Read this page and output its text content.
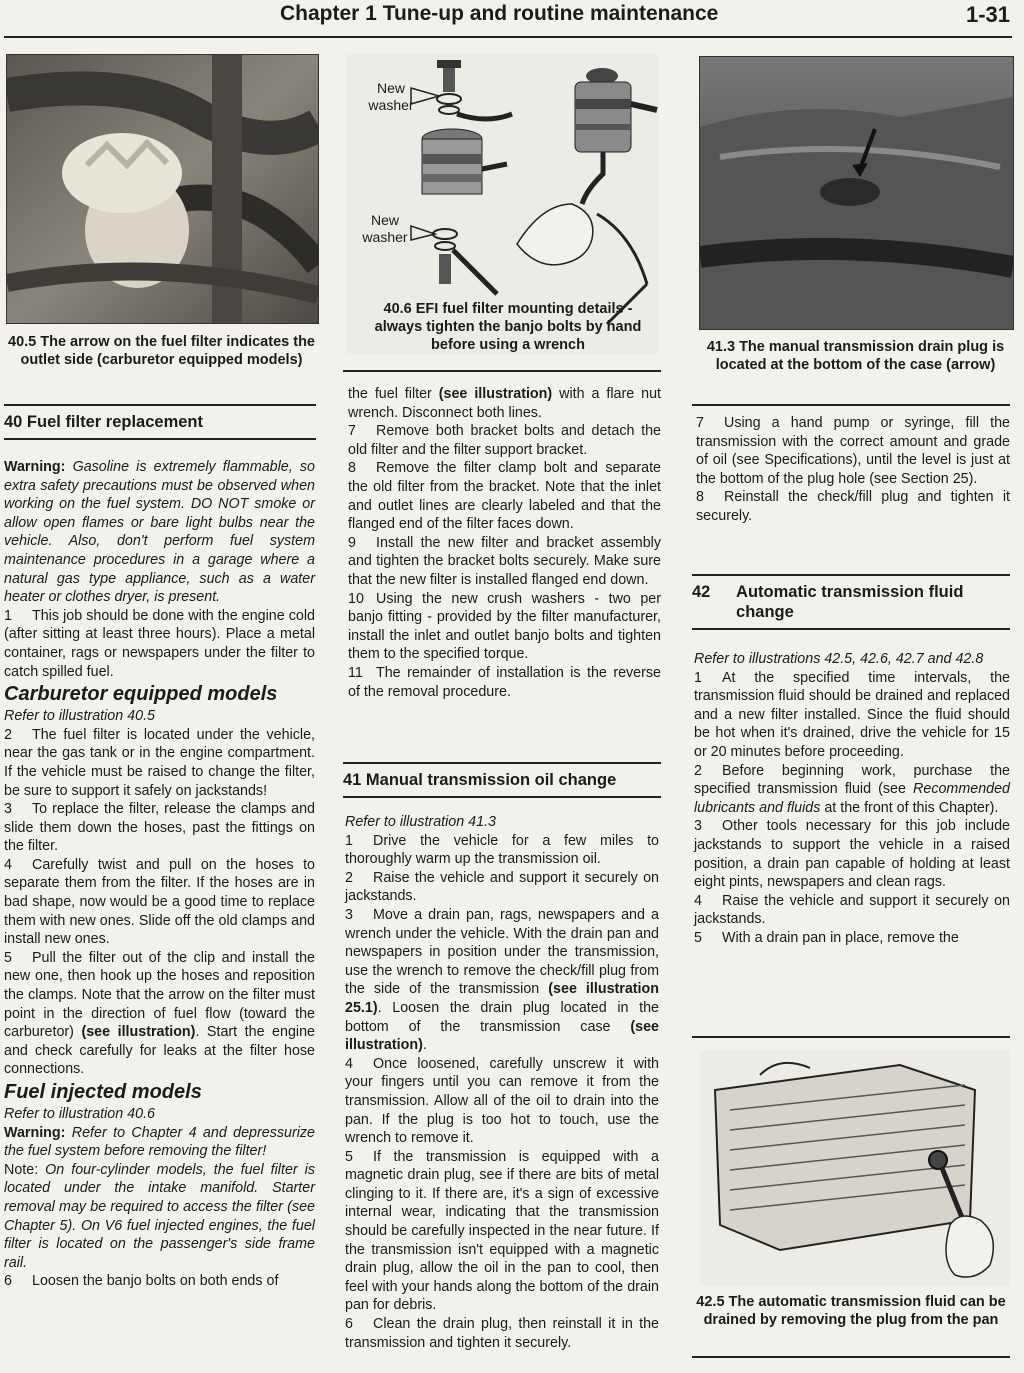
Chapter 1 Tune-up and routine maintenance	1-31
40.5 The arrow on the fuel filter indicates the outlet side (carburetor equipped models)
40 Fuel filter replacement

Warning: Gasoline is extremely flammable, so extra safety precautions must be observed when working on the fuel system. DO NOT smoke or allow open flames or bare light bulbs near the vehicle. Also, don't perform fuel system maintenance procedures in a garage where a natural gas type appliance, such as a water heater or clothes dryer, is present.

1 This job should be done with the engine cold (after sitting at least three hours). Place a metal container, rags or newspapers under the filter to catch spilled fuel.

Carburetor equipped models

Refer to illustration 40.5

2 The fuel filter is located under the vehicle, near the gas tank or in the engine compartment. If the vehicle must be raised to change the filter, be sure to support it safely on jackstands!

3 To replace the filter, release the clamps and slide them down the hoses, past the fittings on the filter.

4 Carefully twist and pull on the hoses to separate them from the filter. If the hoses are in bad shape, now would be a good time to replace them with new ones. Slide off the old clamps and install new ones.

5 Pull the filter out of the clip and install the new one, then hook up the hoses and reposition the clamps. Note that the arrow on the filter must point in the direction of fuel flow (toward the carburetor) (see illustration). Start the engine and check carefully for leaks at the filter hose connections.

Fuel injected models

Refer to illustration 40.6

Warning: Refer to Chapter 4 and depressurize the fuel system before removing the filter!

Note: On four-cylinder models, the fuel filter is located under the intake manifold. Starter removal may be required to access the filter (see Chapter 5). On V6 fuel injected engines, the fuel filter is located on the passenger's side frame rail.

6 Loosen the banjo bolts on both ends of

New washer
New washer
40.6 EFI fuel filter mounting details - always tighten the banjo bolts by hand before using a wrench

the fuel filter (see illustration) with a flare nut wrench. Disconnect both lines.

7 Remove both bracket bolts and detach the old filter and the filter support bracket.

8 Remove the filter clamp bolt and separate the old filter from the bracket. Note that the inlet and outlet lines are clearly labeled and that the flanged end of the filter faces down.

9 Install the new filter and bracket assembly and tighten the bracket bolts securely. Make sure that the new filter is installed flanged end down.

10 Using the new crush washers - two per banjo fitting - provided by the filter manufacturer, install the inlet and outlet banjo bolts and tighten them to the specified torque.

11 The remainder of installation is the reverse of the removal procedure.

41 Manual transmission oil change

Refer to illustration 41.3

1 Drive the vehicle for a few miles to thoroughly warm up the transmission oil.

2 Raise the vehicle and support it securely on jackstands.

3 Move a drain pan, rags, newspapers and a wrench under the vehicle. With the drain pan and newspapers in position under the transmission, use the wrench to remove the check/fill plug from the side of the transmission (see illustration 25.1). Loosen the drain plug located in the bottom of the transmission case (see illustration).

4 Once loosened, carefully unscrew it with your fingers until you can remove it from the transmission. Allow all of the oil to drain into the pan. If the plug is too hot to touch, use the wrench to remove it.

5 If the transmission is equipped with a magnetic drain plug, see if there are bits of metal clinging to it. If there are, it's a sign of excessive internal wear, indicating that the transmission should be carefully inspected in the near future. If the transmission isn't equipped with a magnetic drain plug, allow the oil in the pan to cool, then feel with your hands along the bottom of the drain pan for debris.

6 Clean the drain plug, then reinstall it in the transmission and tighten it securely.

41.3 The manual transmission drain plug is located at the bottom of the case (arrow)

7 Using a hand pump or syringe, fill the transmission with the correct amount and grade of oil (see Specifications), until the level is just at the bottom of the plug hole (see Section 25).

8 Reinstall the check/fill plug and tighten it securely.

42	Automatic transmission fluid change

Refer to illustrations 42.5, 42.6, 42.7 and 42.8

1 At the specified time intervals, the transmission fluid should be drained and replaced and a new filter installed. Since the fluid should be hot when it's drained, drive the vehicle for 15 or 20 minutes before proceeding.

2 Before beginning work, purchase the specified transmission fluid (see Recommended lubricants and fluids at the front of this Chapter).

3 Other tools necessary for this job include jackstands to support the vehicle in a raised position, a drain pan capable of holding at least eight pints, newspapers and clean rags.

4 Raise the vehicle and support it securely on jackstands.

5 With a drain pan in place, remove the

42.5 The automatic transmission fluid can be drained by removing the plug from the pan
